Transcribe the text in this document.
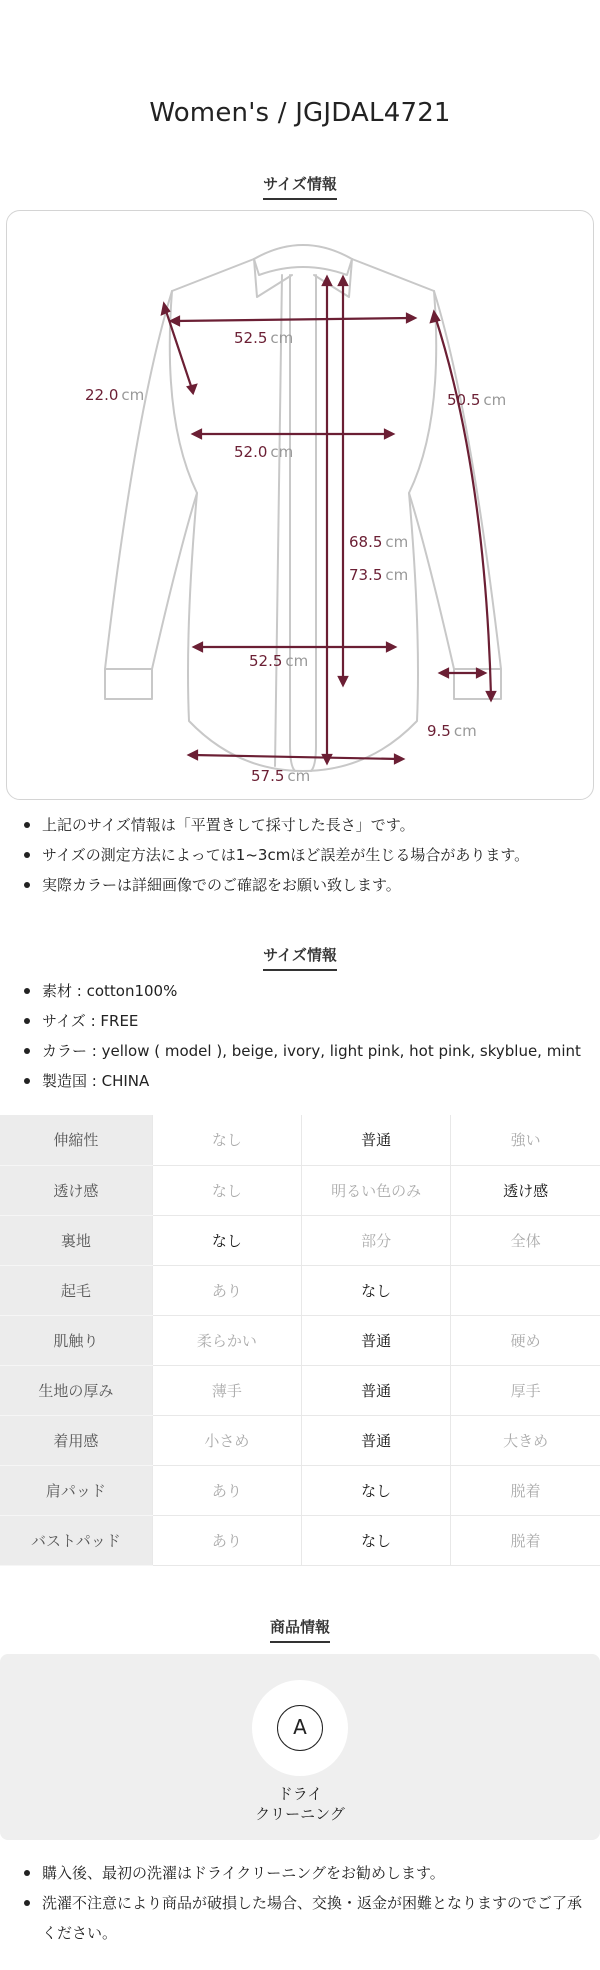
Women's / JGJDAL4721
サイズ情報
52.5 cm
22.0 cm	50.5 cm
52.0 cm
68.5 cm
73.5 cm
52.5 cm
9.5 cm
57.5 cm
上記のサイズ情報は「平置きして採寸した長さ」です。
サイズの測定方法によっては1~3cmほど誤差が生じる場合があります。
実際カラーは詳細画像でのご確認をお願い致します。
サイズ情報
素材 : cotton100%
サイズ : FREE
カラー : yellow ( model ), beige, ivory, light pink, hot pink, skyblue, mint
製造国 : CHINA
伸縮性	なし	普通	強い
透け感	なし	明るい色のみ	透け感
裏地	なし	部分	全体
起毛	あり	なし	
肌触り	柔らかい	普通	硬め
生地の厚み	薄手	普通	厚手
着用感	小さめ	普通	大きめ
肩パッド	あり	なし	脱着
バストパッド	あり	なし	脱着
商品情報
A
ドライ
クリーニング
購入後、最初の洗濯はドライクリーニングをお勧めします。
洗濯不注意により商品が破損した場合、交換・返金が困難となりますのでご了承ください。
